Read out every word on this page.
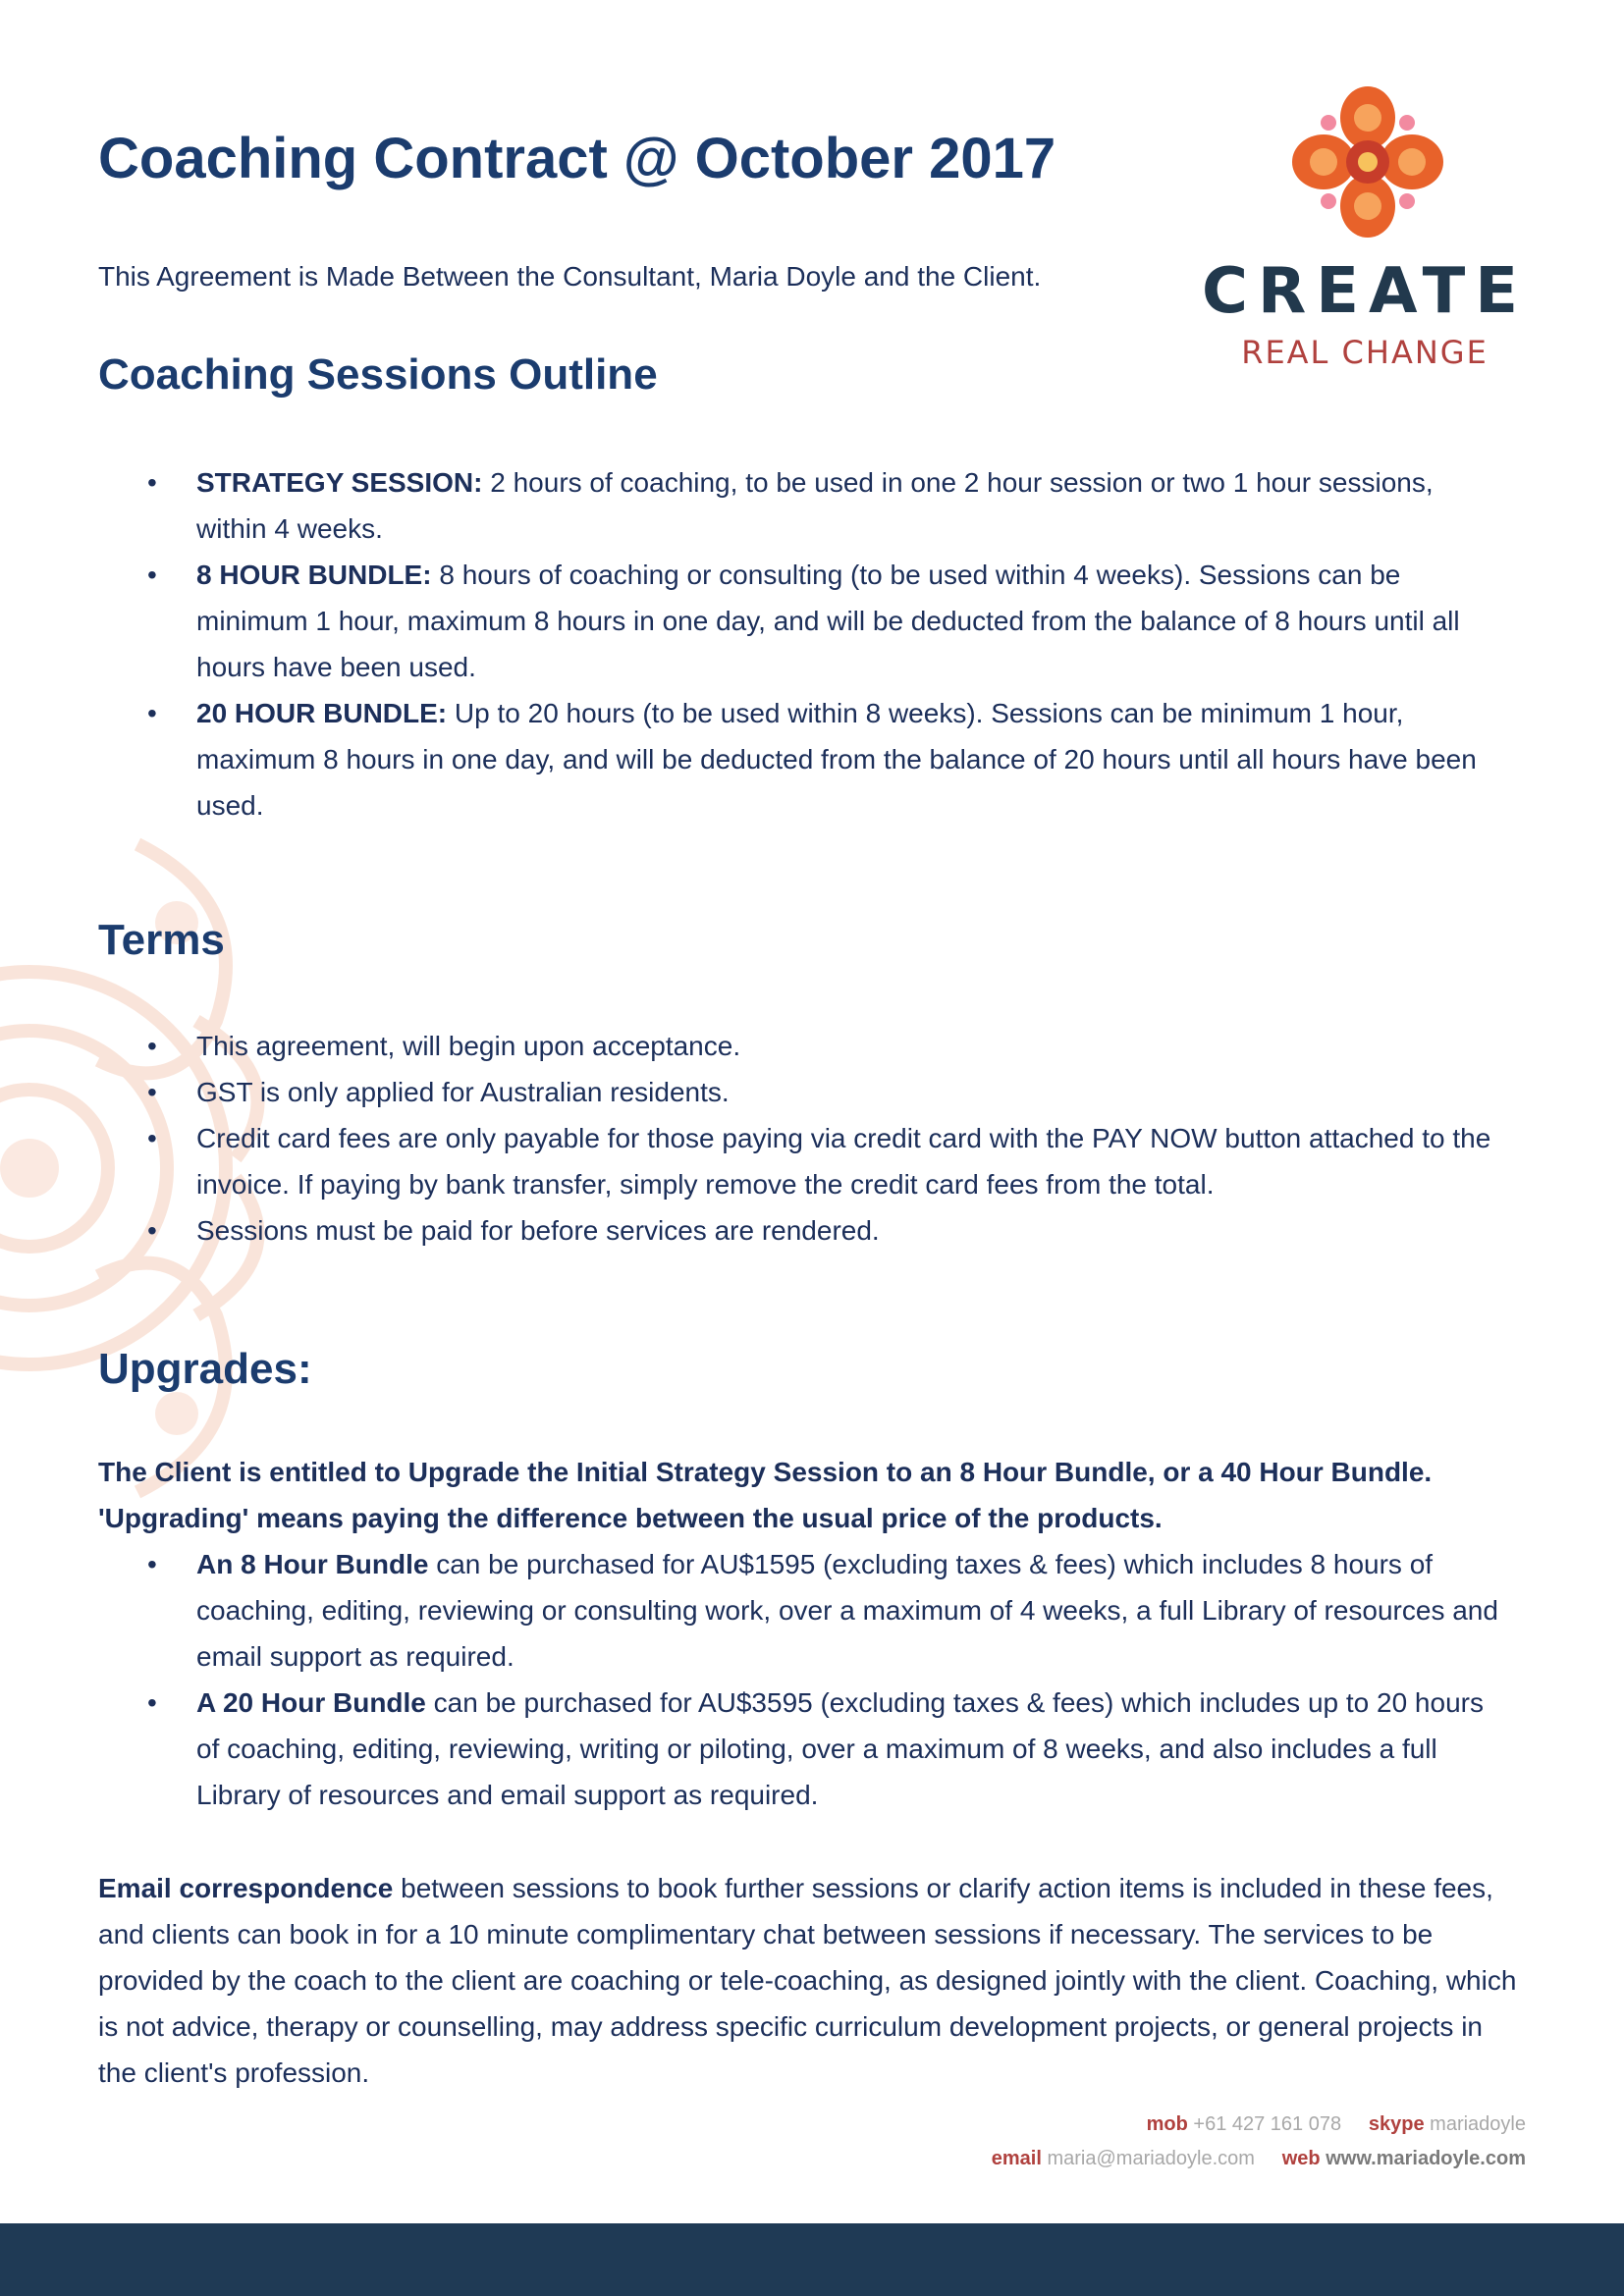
CREATE
REAL CHANGE
Coaching Contract @ October 2017

This Agreement is Made Between the Consultant, Maria Doyle and the Client.

Coaching Sessions Outline
• STRATEGY SESSION: 2 hours of coaching, to be used in one 2 hour session or two 1 hour sessions, within 4 weeks.
• 8 HOUR BUNDLE: 8 hours of coaching or consulting (to be used within 4 weeks). Sessions can be minimum 1 hour, maximum 8 hours in one day, and will be deducted from the balance of 8 hours until all hours have been used.
• 20 HOUR BUNDLE: Up to 20 hours (to be used within 8 weeks). Sessions can be minimum 1 hour, maximum 8 hours in one day, and will be deducted from the balance of 20 hours until all hours have been used.
Terms
• This agreement, will begin upon acceptance.
• GST is only applied for Australian residents.
• Credit card fees are only payable for those paying via credit card with the PAY NOW button attached to the invoice. If paying by bank transfer, simply remove the credit card fees from the total.
• Sessions must be paid for before services are rendered.
Upgrades:

The Client is entitled to Upgrade the Initial Strategy Session to an 8 Hour Bundle, or a 40 Hour Bundle. 'Upgrading' means paying the difference between the usual price of the products.

• An 8 Hour Bundle can be purchased for AU$1595 (excluding taxes & fees) which includes 8 hours of coaching, editing, reviewing or consulting work, over a maximum of 4 weeks, a full Library of resources and email support as required.
• A 20 Hour Bundle can be purchased for AU$3595 (excluding taxes & fees) which includes up to 20 hours of coaching, editing, reviewing, writing or piloting, over a maximum of 8 weeks, and also includes a full Library of resources and email support as required.

Email correspondence between sessions to book further sessions or clarify action items is included in these fees, and clients can book in for a 10 minute complimentary chat between sessions if necessary. The services to be provided by the coach to the client are coaching or tele-coaching, as designed jointly with the client. Coaching, which is not advice, therapy or counselling, may address specific curriculum development projects, or general projects in the client's profession.

mob +61 427 161 078 skype mariadoyle
email maria@mariadoyle.com web www.mariadoyle.com
